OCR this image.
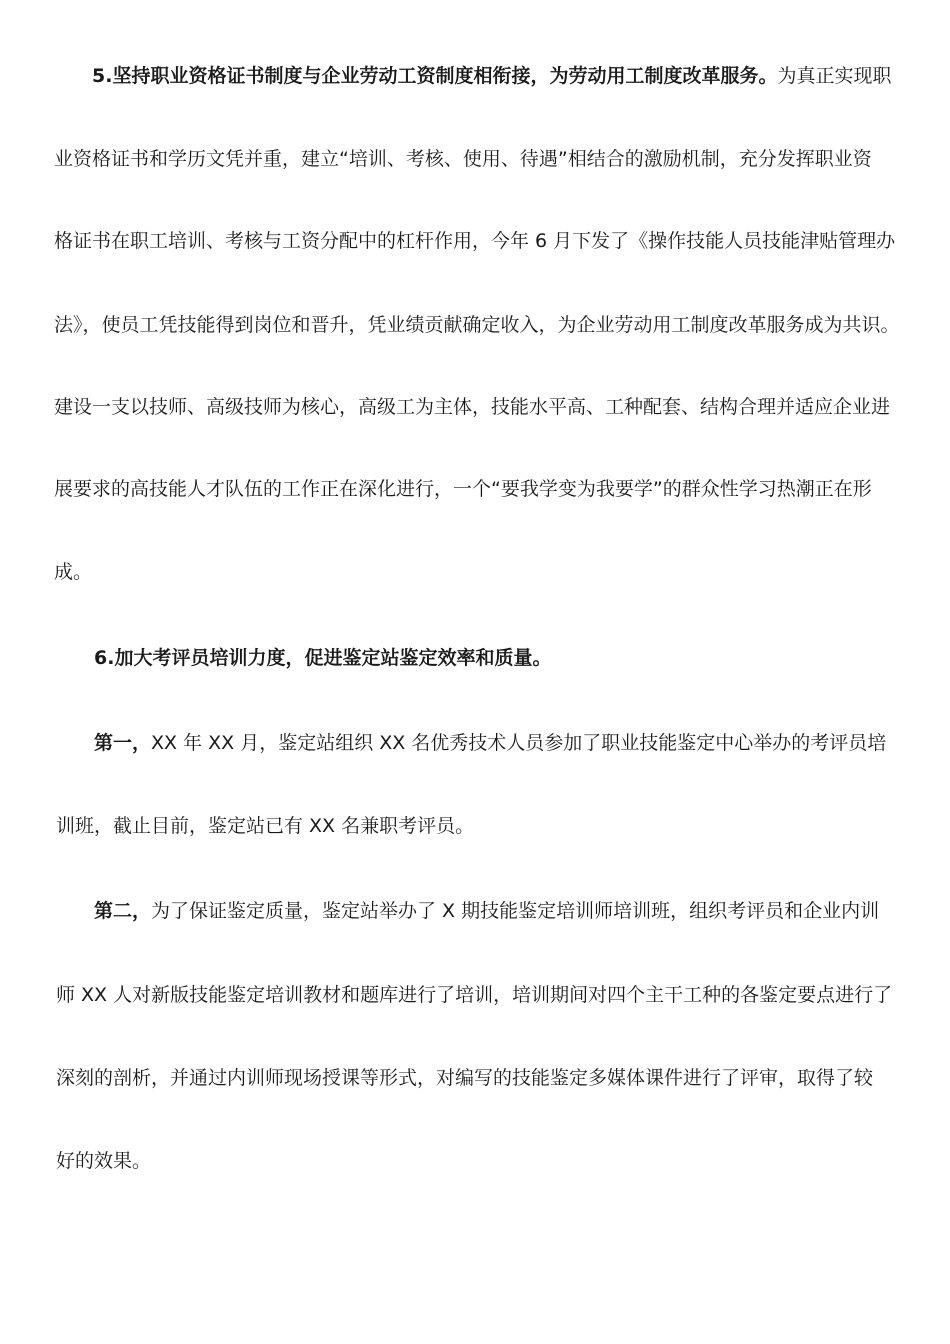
5.坚持职业资格证书制度与企业劳动工资制度相衔接，为劳动用工制度改革服务。为真正实现职
业资格证书和学历文凭并重，建立“培训、考核、使用、待遇”相结合的激励机制，充分发挥职业资
格证书在职工培训、考核与工资分配中的杠杆作用，今年 6 月下发了《操作技能人员技能津贴管理办
法》，使员工凭技能得到岗位和晋升，凭业绩贡献确定收入，为企业劳动用工制度改革服务成为共识。
建设一支以技师、高级技师为核心，高级工为主体，技能水平高、工种配套、结构合理并适应企业进
展要求的高技能人才队伍的工作正在深化进行，一个“要我学变为我要学”的群众性学习热潮正在形
成。
6.加大考评员培训力度，促进鉴定站鉴定效率和质量。
第一，XX 年 XX 月，鉴定站组织 XX 名优秀技术人员参加了职业技能鉴定中心举办的考评员培
训班，截止目前，鉴定站已有 XX 名兼职考评员。
第二，为了保证鉴定质量，鉴定站举办了 X 期技能鉴定培训师培训班，组织考评员和企业内训
师 XX 人对新版技能鉴定培训教材和题库进行了培训，培训期间对四个主干工种的各鉴定要点进行了
深刻的剖析，并通过内训师现场授课等形式，对编写的技能鉴定多媒体课件进行了评审，取得了较
好的效果。
